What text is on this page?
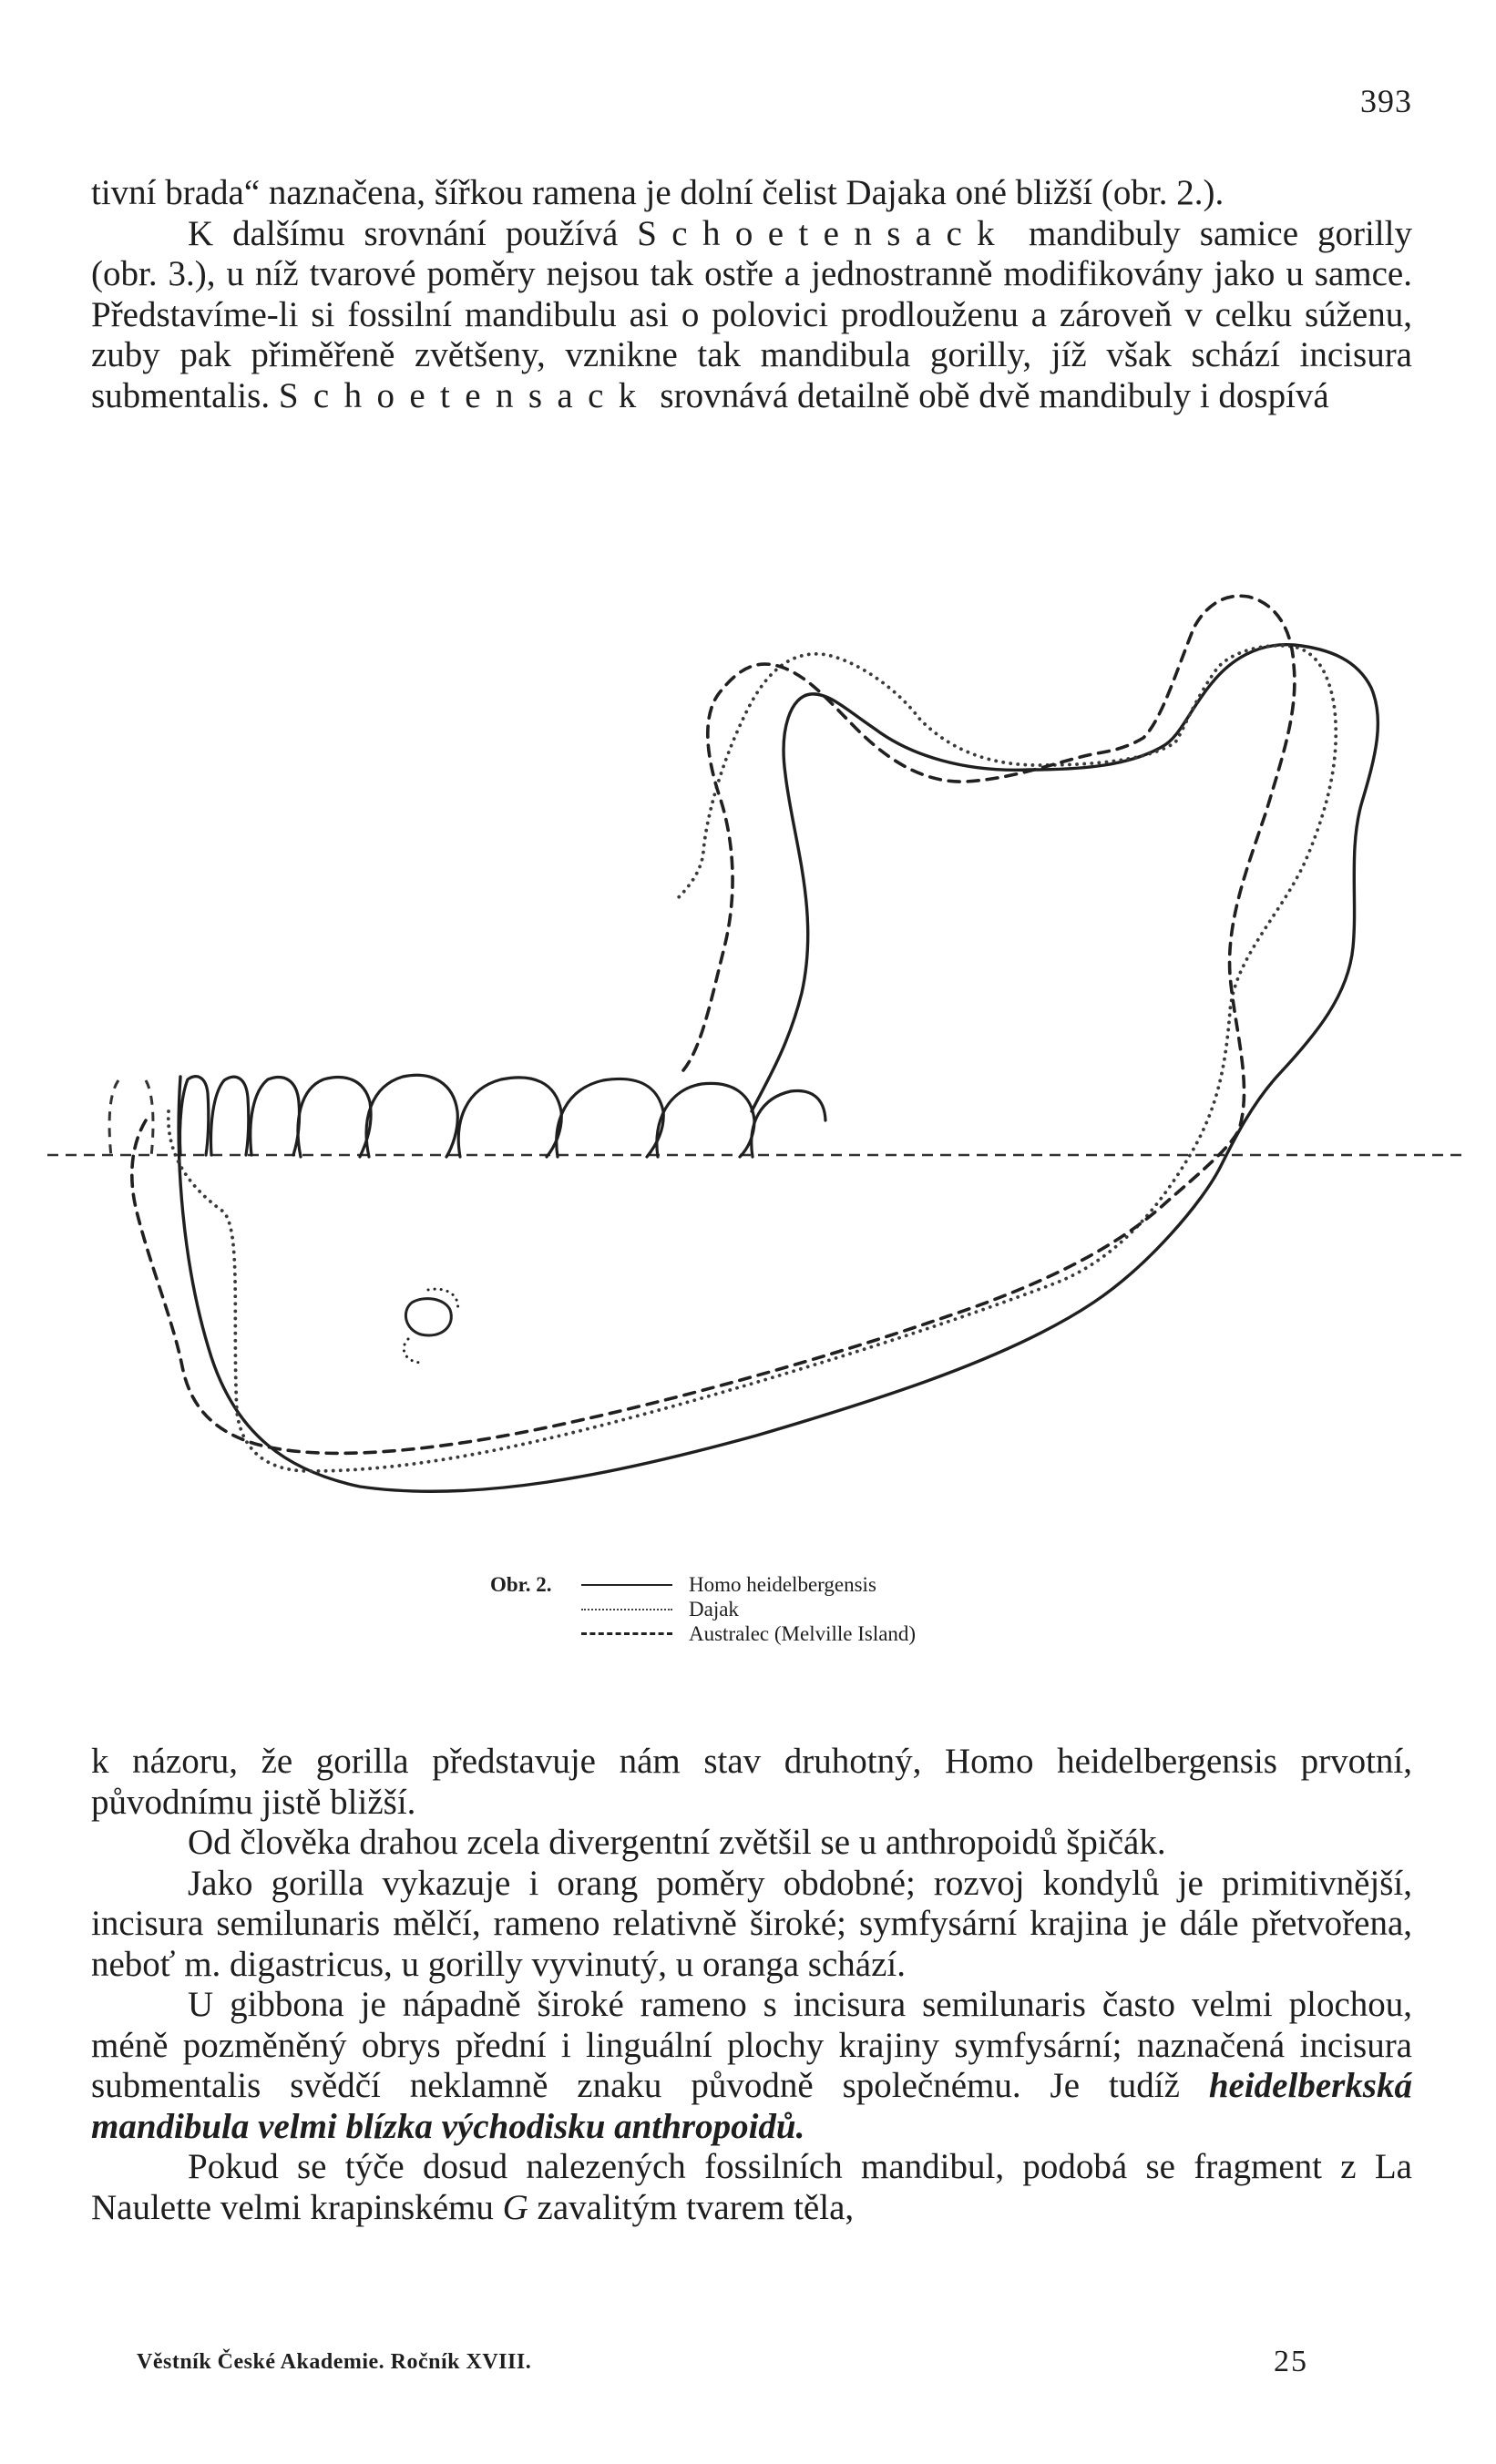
393

tivní brada“ naznačena, šířkou ramena je dolní čelist Dajaka oné bližší (obr. 2.).

K dalšímu srovnání používá Schoetensack mandibuly samice gorilly (obr. 3.), u níž tvarové poměry nejsou tak ostře a jednostranně modifikovány jako u samce. Představíme-li si fossilní mandibulu asi o polovici prodlouženu a zároveň v celku súženu, zuby pak přiměřeně zvětšeny, vznikne tak mandibula gorilly, jíž však schází incisura submentalis. Schoetensack srovnává detailně obě dvě mandibuly i dospívá

Obr. 2.	Homo heidelbergensis
Dajak
Australec (Melville Island)

k názoru, že gorilla představuje nám stav druhotný, Homo heidelbergensis prvotní, původnímu jistě bližší.

Od člověka drahou zcela divergentní zvětšil se u anthropoidů špičák.

Jako gorilla vykazuje i orang poměry obdobné; rozvoj kondylů je primitivnější, incisura semilunaris mělčí, rameno relativně široké; symfysární krajina je dále přetvořena, neboť m. digastricus, u gorilly vyvinutý, u oranga schází.

U gibbona je nápadně široké rameno s incisura semilunaris často velmi plochou, méně pozměněný obrys přední i linguální plochy krajiny symfysární; naznačená incisura submentalis svědčí neklamně znaku původně společnému. Je tudíž heidelberkská mandibula velmi blízka východisku anthropoidů.

Pokud se týče dosud nalezených fossilních mandibul, podobá se fragment z La Naulette velmi krapinskému G zavalitým tvarem těla,

Věstník České Akademie. Ročník XVIII.	25
